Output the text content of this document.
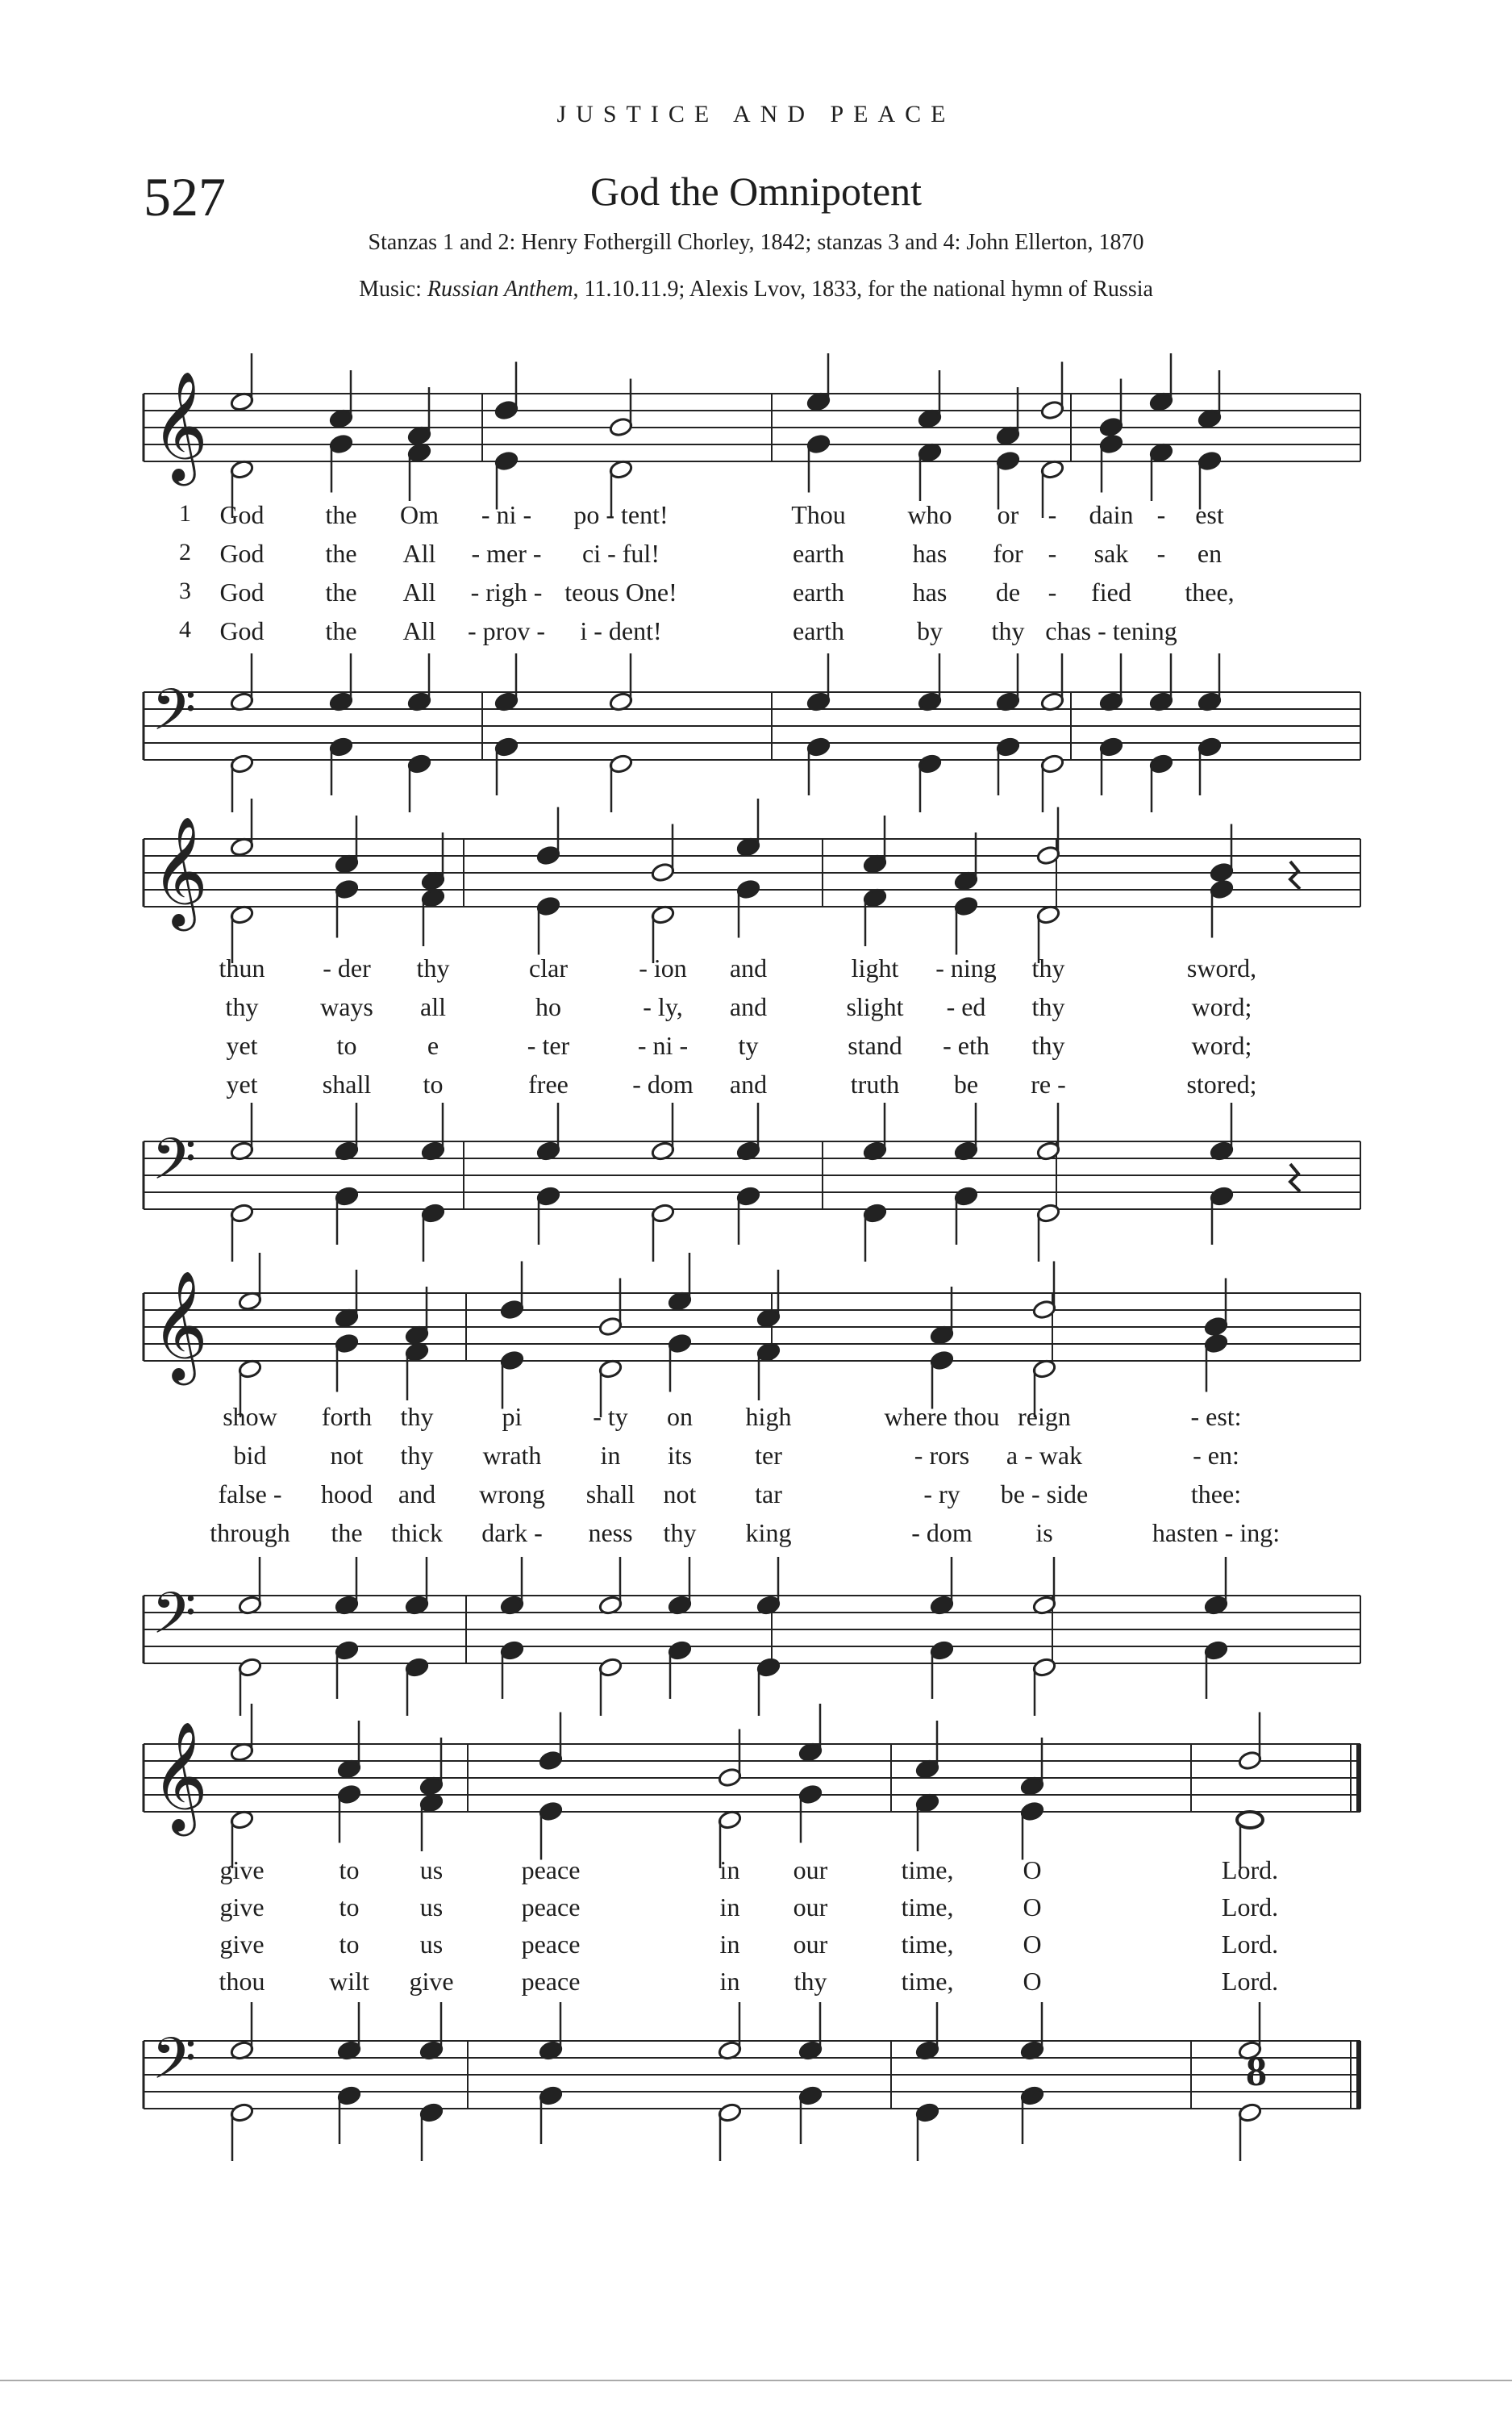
JUSTICE AND PEACE
527	God the Omnipotent
Stanzas 1 and 2: Henry Fothergill Chorley, 1842; stanzas 3 and 4: John Ellerton, 1870
Music: Russian Anthem, 11.10.11.9; Alexis Lvov, 1833, for the national hymn of Russia
𝄞
𝄢
𝄞
𝄢
𝄞
𝄢
𝄞
𝄢	8
1 God the Om - ni - po - tent!	Thou who or - dain - est
2 God the All - mer - ci - ful!	earth	has for - sak - en
3 God the All - righ - teous One!	earth	has de - fied thee,
4 God the All - prov - i - dent!	earth	by thy chas - tening
thun - der thy	clar	- ion and	light - ning thy	sword,
thy ways all	ho	- ly, and	slight - ed thy	word;
yet	to	e	- ter	- ni - ty	stand - eth thy	word;
yet	shall to	free - dom and	truth be re -	stored;
show forth thy	pi	- ty on high	where thou reign	- est:
bid not thy wrath in its ter	- rors a - wak	- en:
false - hood and wrong shall not tar	- ry be - side	thee:
through the thick dark - ness thy king	- dom is	hasten - ing:
give	to us	peace	in our	time,	O	Lord.
give	to us	peace	in our	time,	O	Lord.
give	to us	peace	in our	time,	O	Lord.
thou wilt give	peace	in thy	time,	O	Lord.
